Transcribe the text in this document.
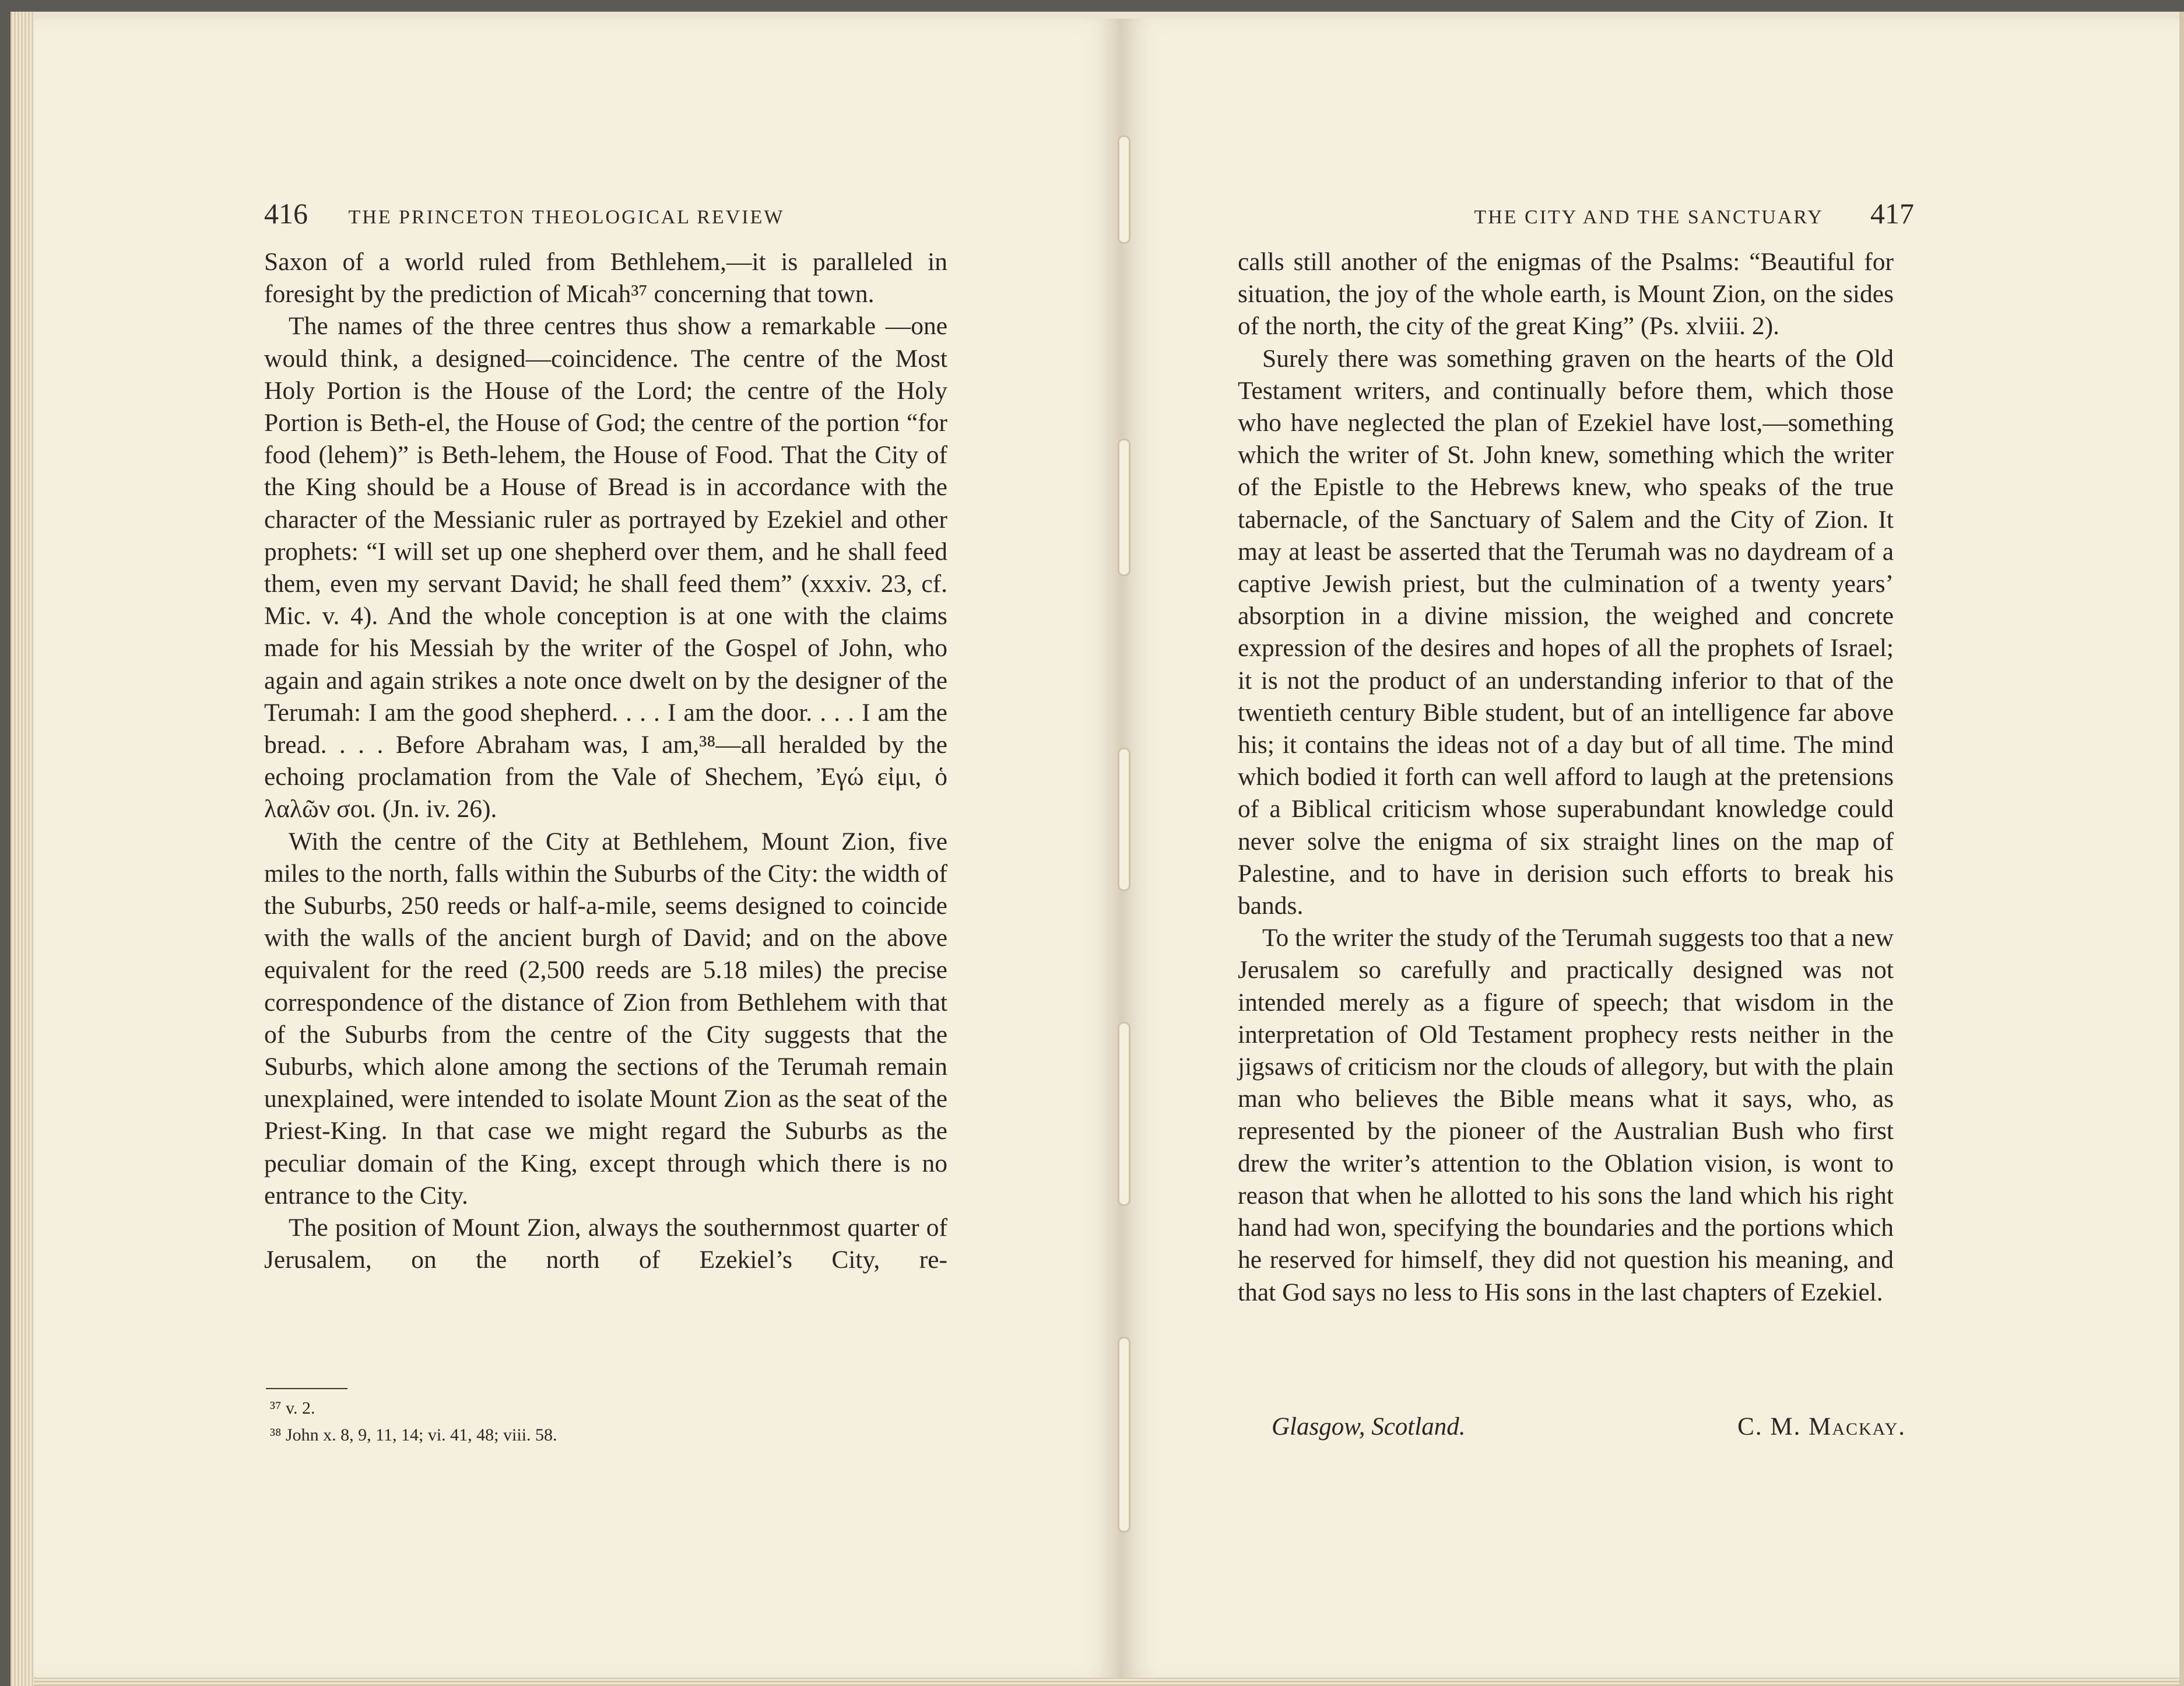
416 THE PRINCETON THEOLOGICAL REVIEW

Saxon of a world ruled from Bethlehem,—it is paralleled in foresight by the prediction of Micah³⁷ concerning that town.

The names of the three centres thus show a remarkable —one would think, a designed—coincidence. The centre of the Most Holy Portion is the House of the Lord; the centre of the Holy Portion is Beth-el, the House of God; the centre of the portion “for food (lehem)” is Beth-lehem, the House of Food. That the City of the King should be a House of Bread is in accordance with the character of the Messianic ruler as portrayed by Ezekiel and other prophets: “I will set up one shepherd over them, and he shall feed them, even my servant David; he shall feed them” (xxxiv. 23, cf. Mic. v. 4). And the whole conception is at one with the claims made for his Messiah by the writer of the Gospel of John, who again and again strikes a note once dwelt on by the designer of the Terumah: I am the good shepherd. . . . I am the door. . . . I am the bread. . . . Before Abraham was, I am,³⁸—all heralded by the echoing proclamation from the Vale of Shechem, Ἐγώ εἰμι, ὁ λαλῶν σοι. (Jn. iv. 26).

With the centre of the City at Bethlehem, Mount Zion, five miles to the north, falls within the Suburbs of the City: the width of the Suburbs, 250 reeds or half-a-mile, seems designed to coincide with the walls of the ancient burgh of David; and on the above equivalent for the reed (2,500 reeds are 5.18 miles) the precise correspondence of the distance of Zion from Bethlehem with that of the Suburbs from the centre of the City suggests that the Suburbs, which alone among the sections of the Terumah remain unexplained, were intended to isolate Mount Zion as the seat of the Priest-King. In that case we might regard the Suburbs as the peculiar domain of the King, except through which there is no entrance to the City.

The position of Mount Zion, always the southernmost quarter of Jerusalem, on the north of Ezekiel’s City, re-

³⁷ v. 2.
³⁸ John x. 8, 9, 11, 14; vi. 41, 48; viii. 58.
THE CITY AND THE SANCTUARY 417

calls still another of the enigmas of the Psalms: “Beautiful for situation, the joy of the whole earth, is Mount Zion, on the sides of the north, the city of the great King” (Ps. xlviii. 2).

Surely there was something graven on the hearts of the Old Testament writers, and continually before them, which those who have neglected the plan of Ezekiel have lost,—something which the writer of St. John knew, something which the writer of the Epistle to the Hebrews knew, who speaks of the true tabernacle, of the Sanctuary of Salem and the City of Zion. It may at least be asserted that the Terumah was no daydream of a captive Jewish priest, but the culmination of a twenty years’ absorption in a divine mission, the weighed and concrete expression of the desires and hopes of all the prophets of Israel; it is not the product of an understanding inferior to that of the twentieth century Bible student, but of an intelligence far above his; it contains the ideas not of a day but of all time. The mind which bodied it forth can well afford to laugh at the pretensions of a Biblical criticism whose superabundant knowledge could never solve the enigma of six straight lines on the map of Palestine, and to have in derision such efforts to break his bands.

To the writer the study of the Terumah suggests too that a new Jerusalem so carefully and practically designed was not intended merely as a figure of speech; that wisdom in the interpretation of Old Testament prophecy rests neither in the jigsaws of criticism nor the clouds of allegory, but with the plain man who believes the Bible means what it says, who, as represented by the pioneer of the Australian Bush who first drew the writer’s attention to the Oblation vision, is wont to reason that when he allotted to his sons the land which his right hand had won, specifying the boundaries and the portions which he reserved for himself, they did not question his meaning, and that God says no less to His sons in the last chapters of Ezekiel.

Glasgow, Scotland.	C. M. Mackay.
